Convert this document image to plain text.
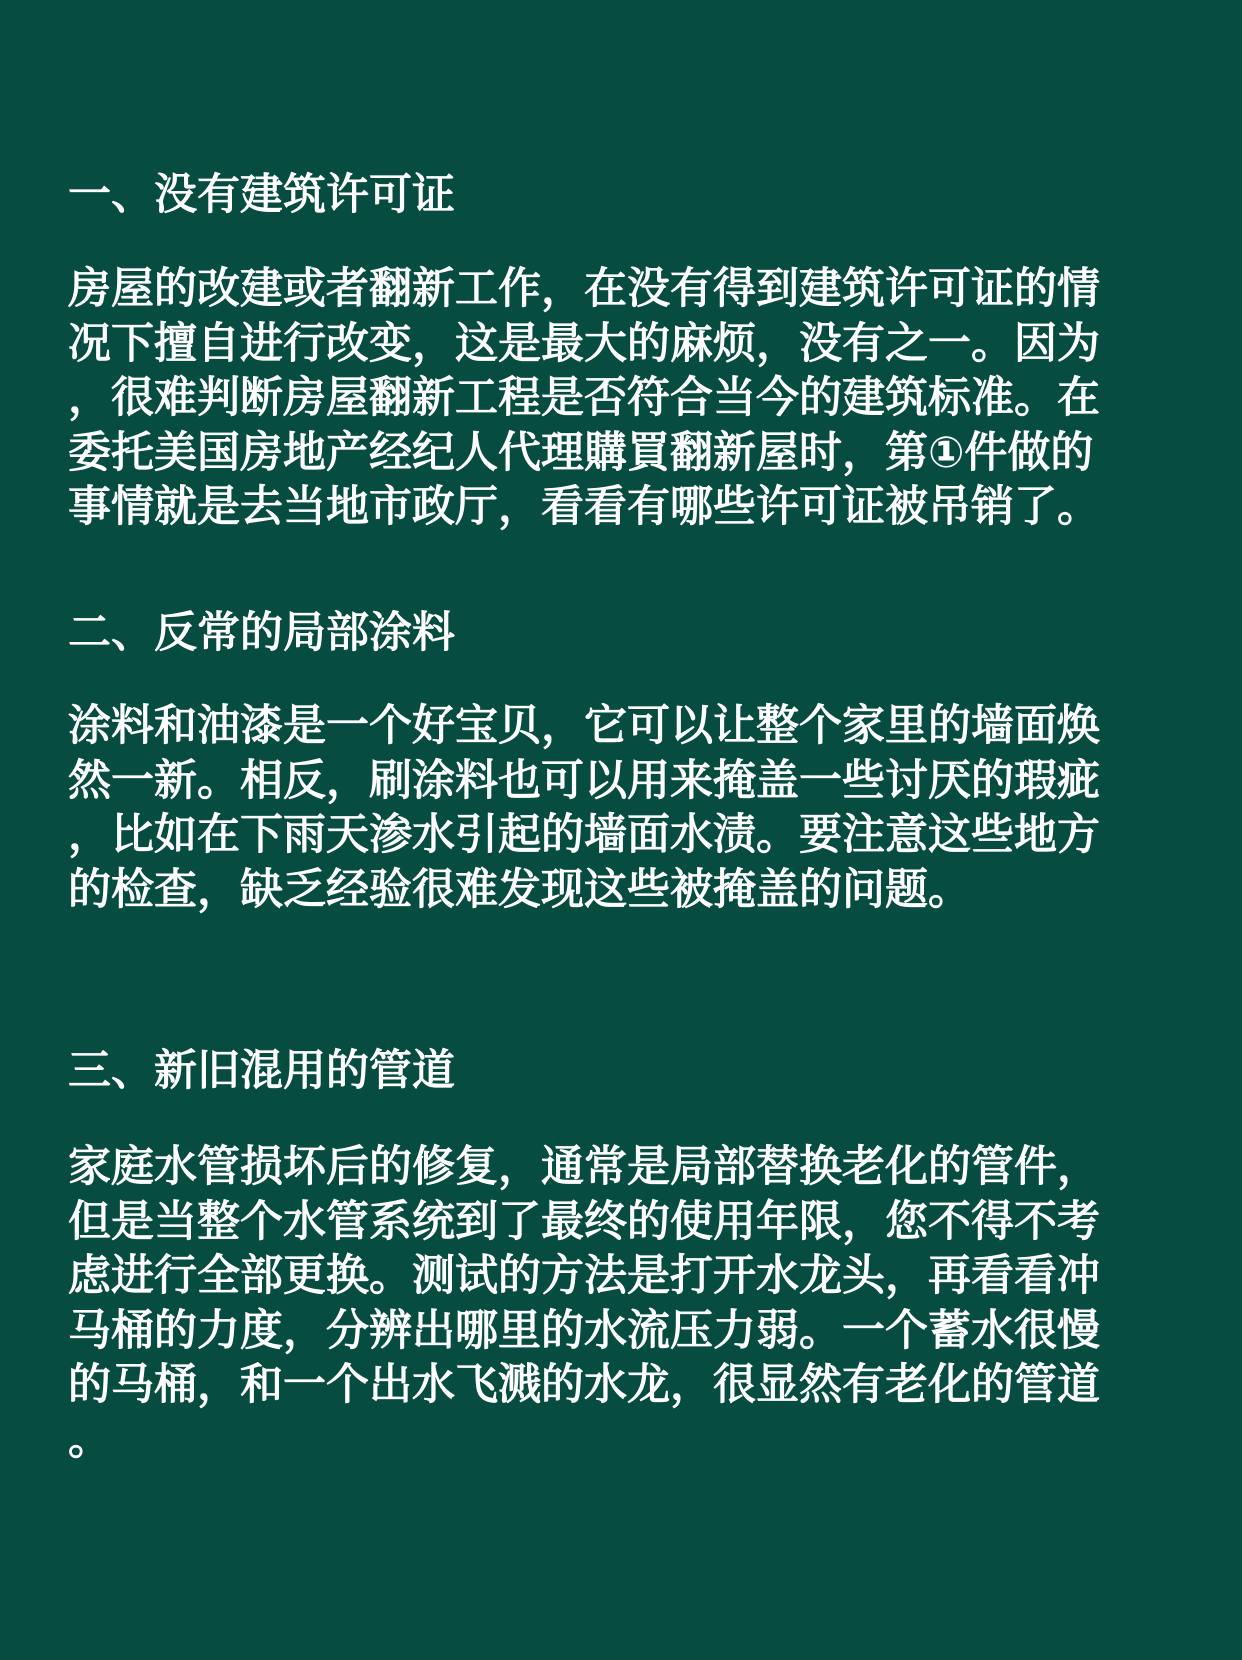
一、没有建筑许可证
房屋的改建或者翻新工作，在没有得到建筑许可证的情
况下擅自进行改变，这是最大的麻烦，没有之一。因为
，很难判断房屋翻新工程是否符合当今的建筑标准。在
委托美国房地产经纪人代理購買翻新屋时，第①件做的
事情就是去当地市政厅，看看有哪些许可证被吊销了。
二、反常的局部涂料
涂料和油漆是一个好宝贝，它可以让整个家里的墙面焕
然一新。相反，刷涂料也可以用来掩盖一些讨厌的瑕疵
，比如在下雨天渗水引起的墙面水渍。要注意这些地方
的检查，缺乏经验很难发现这些被掩盖的问题。
三、新旧混用的管道
家庭水管损坏后的修复，通常是局部替换老化的管件，
但是当整个水管系统到了最终的使用年限，您不得不考
虑进行全部更换。测试的方法是打开水龙头，再看看冲
马桶的力度，分辨出哪里的水流压力弱。一个蓄水很慢
的马桶，和一个出水飞溅的水龙，很显然有老化的管道
。
